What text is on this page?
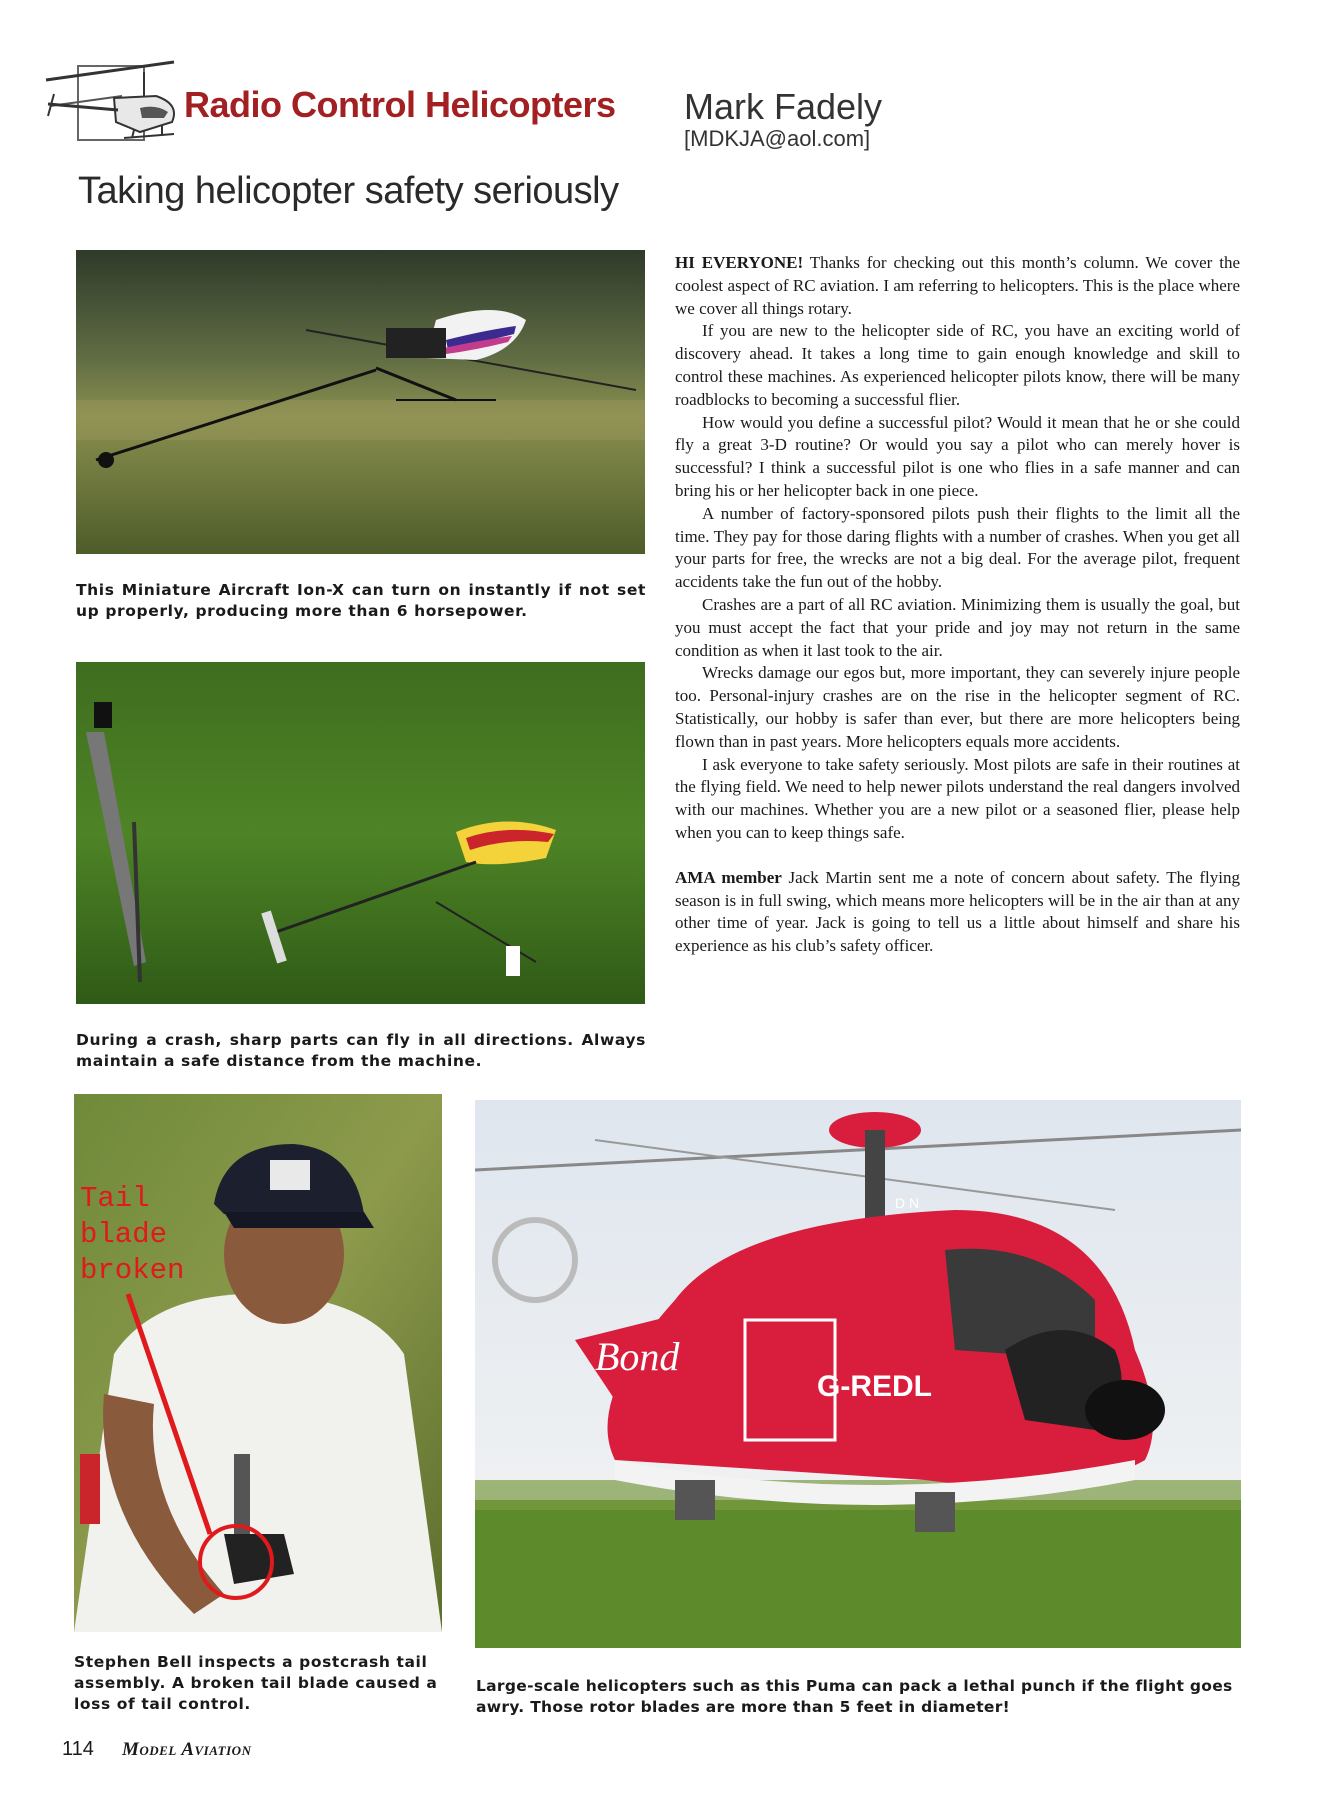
Radio Control Helicopters Mark Fadely
[MDKJA@aol.com]
Taking helicopter safety seriously
This Miniature Aircraft Ion-X can turn on instantly if not set up properly, producing more than 6 horsepower.
During a crash, sharp parts can fly in all directions. Always maintain a safe distance from the machine.

HI EVERYONE! Thanks for checking out this month’s column. We cover the coolest aspect of RC aviation. I am referring to helicopters. This is the place where we cover all things rotary.

If you are new to the helicopter side of RC, you have an exciting world of discovery ahead. It takes a long time to gain enough knowledge and skill to control these machines. As experienced helicopter pilots know, there will be many roadblocks to becoming a successful flier.

How would you define a successful pilot? Would it mean that he or she could fly a great 3-D routine? Or would you say a pilot who can merely hover is successful? I think a successful pilot is one who flies in a safe manner and can bring his or her helicopter back in one piece.

A number of factory-sponsored pilots push their flights to the limit all the time. They pay for those daring flights with a number of crashes. When you get all your parts for free, the wrecks are not a big deal. For the average pilot, frequent accidents take the fun out of the hobby.

Crashes are a part of all RC aviation. Minimizing them is usually the goal, but you must accept the fact that your pride and joy may not return in the same condition as when it last took to the air.

Wrecks damage our egos but, more important, they can severely injure people too. Personal-injury crashes are on the rise in the helicopter segment of RC. Statistically, our hobby is safer than ever, but there are more helicopters being flown than in past years. More helicopters equals more accidents.

I ask everyone to take safety seriously. Most pilots are safe in their routines at the flying field. We need to help newer pilots understand the real dangers involved with our machines. Whether you are a new pilot or a seasoned flier, please help when you can to keep things safe.

AMA member Jack Martin sent me a note of concern about safety. The flying season is in full swing, which means more helicopters will be in the air than at any other time of year. Jack is going to tell us a little about himself and share his experience as his club’s safety officer.

Tail
blade
broken
Stephen Bell inspects a postcrash tail assembly. A broken tail blade caused a loss of tail control.
G-REDL
Bond
D N
Large-scale helicopters such as this Puma can pack a lethal punch if the flight goes awry. Those rotor blades are more than 5 feet in diameter!
114 Model Aviation
